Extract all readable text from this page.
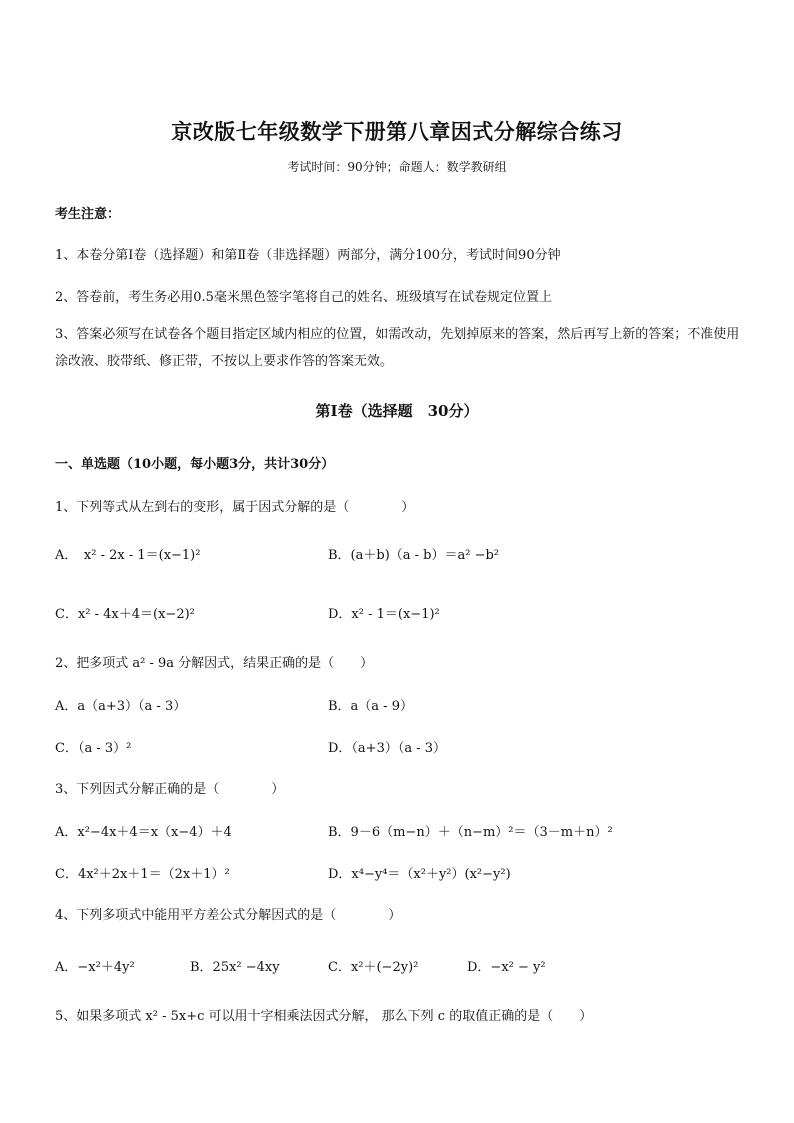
京改版七年级数学下册第八章因式分解综合练习
考试时间：90分钟；命题人：数学教研组
考生注意：
1、本卷分第Ⅰ卷（选择题）和第Ⅱ卷（非选择题）两部分，满分100分，考试时间90分钟
2、答卷前，考生务必用0.5毫米黑色签字笔将自己的姓名、班级填写在试卷规定位置上
3、答案必须写在试卷各个题目指定区域内相应的位置，如需改动，先划掉原来的答案，然后再写上新的答案；不准使用涂改液、胶带纸、修正带，不按以上要求作答的答案无效。
第Ⅰ卷（选择题　30分）
一、单选题（10小题，每小题3分，共计30分）
1、下列等式从左到右的变形，属于因式分解的是（　　　　）
A．　x² - 2x - 1＝(x−1)²	B．(a＋b)（a - b）＝a² −b²
C．x² - 4x＋4＝(x−2)²	D．x² - 1＝(x−1)²
2、把多项式 a² - 9a 分解因式，结果正确的是（　　）
A．a（a+3）（a - 3）	B．a（a - 9）
C．（a - 3）²	D．（a+3）（a - 3）
3、下列因式分解正确的是（　　　　）
A．x²−4x＋4＝x（x−4）＋4	B．9－6（m−n）＋（n−m）²＝（3－m＋n）²
C．4x²＋2x＋1＝（2x＋1）²	D．x⁴−y⁴＝（x²＋y²）(x²−y²)
4、下列多项式中能用平方差公式分解因式的是（　　　　）
A．−x²＋4y²	B．25x² −4xy	C．x²＋(−2y)²	D．−x² − y²
5、如果多项式 x² - 5x+c 可以用十字相乘法因式分解， 那么下列 c 的取值正确的是（　　）
